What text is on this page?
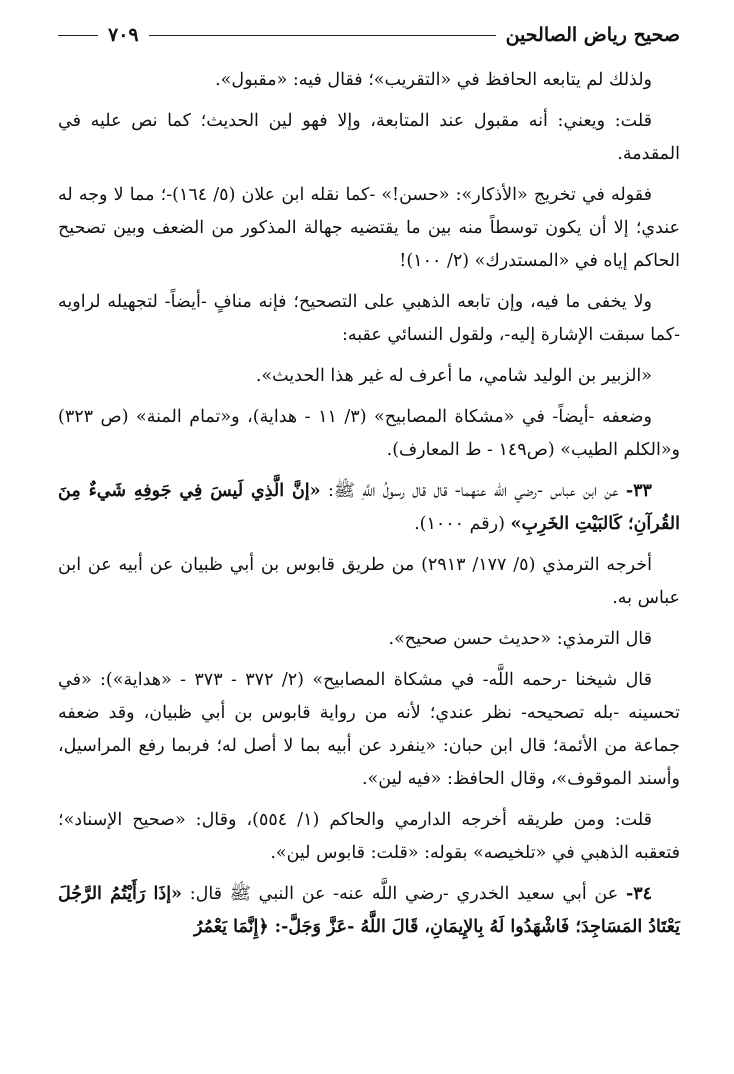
صحيح رياض الصالحين
٧٠٩

ولذلك لم يتابعه الحافظ في «التقريب»؛ فقال فيه: «مقبول».

قلت: ويعني: أنه مقبول عند المتابعة، وإلا فهو لين الحديث؛ كما نص عليه في المقدمة.

فقوله في تخريج «الأذكار»: «حسن!» -كما نقله ابن علان (٥/ ١٦٤)-؛ مما لا وجه له عندي؛ إلا أن يكون توسطاً منه بين ما يقتضيه جهالة المذكور من الضعف وبين تصحيح الحاكم إياه في «المستدرك» (٢/ ١٠٠)!

ولا يخفى ما فيه، وإن تابعه الذهبي على التصحيح؛ فإنه منافٍ -أيضاً- لتجهيله لراويه -كما سبقت الإشارة إليه-، ولقول النسائي عقبه:

«الزبير بن الوليد شامي، ما أعرف له غير هذا الحديث».

وضعفه -أيضاً- في «مشكاة المصابيح» (٣/ ١١ - هداية)، و«تمام المنة» (ص ٣٢٣) و«الكلم الطيب» (ص١٤٩ - ط المعارف).

٣٣- عن ابن عباس -رضي الله عنهما- قال قال رسولُ اللَّهِ ﷺ: «إنَّ الَّذِي لَيسَ فِي جَوفِهِ شَيءٌ مِنَ القُرآنِ؛ كَالبَيْتِ الخَرِبِ» (رقم ١٠٠٠).

أخرجه الترمذي (٥/ ١٧٧/ ٢٩١٣) من طريق قابوس بن أبي ظبيان عن أبيه عن ابن عباس به.

قال الترمذي: «حديث حسن صحيح».

قال شيخنا -رحمه اللَّه- في مشكاة المصابيح» (٢/ ٣٧٢ - ٣٧٣ - «هداية»): «في تحسينه -بله تصحيحه- نظر عندي؛ لأنه من رواية قابوس بن أبي ظبيان، وقد ضعفه جماعة من الأئمة؛ قال ابن حبان: «ينفرد عن أبيه بما لا أصل له؛ فربما رفع المراسيل، وأسند الموقوف»، وقال الحافظ: «فيه لين».

قلت: ومن طريقه أخرجه الدارمي والحاكم (١/ ٥٥٤)، وقال: «صحيح الإسناد»؛ فتعقبه الذهبي في «تلخيصه» بقوله: «قلت: قابوس لين».

٣٤- عن أبي سعيد الخدري -رضي اللَّه عنه- عن النبي ﷺ قال: «إذَا رَأَيْتُمُ الرَّجُلَ يَعْتَادُ المَسَاجِدَ؛ فَاشْهَدُوا لَهُ بِالإِيمَانِ، قَالَ اللَّهُ -عَزَّ وَجَلَّ-: ﴿إِنَّمَا يَعْمُرُ
